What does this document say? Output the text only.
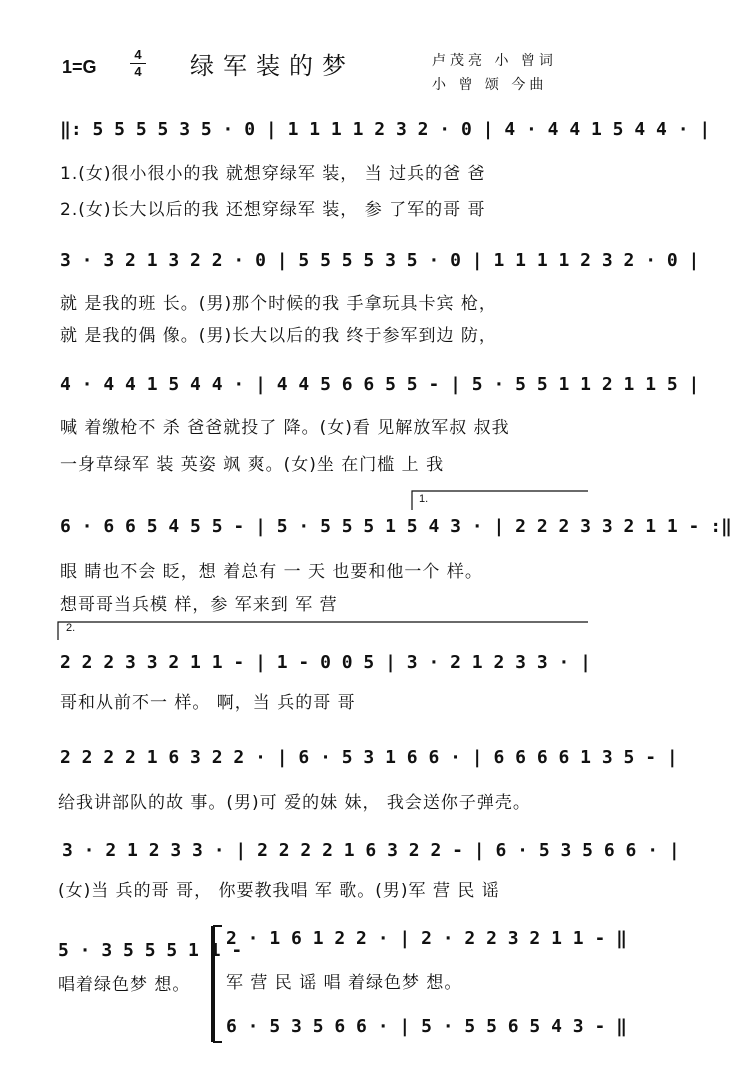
1=G
4
4 绿军装的梦	卢茂亮 小 曾词
小 曾 颂 今曲
‖: 5 5 5 5 3 5 · 0 | 1 1 1 1 2 3 2 · 0 | 4 · 4 4 1 5 4 4 · |
1.(女)很小很小的我 就想穿绿军 装， 当 过兵的爸 爸
2.(女)长大以后的我 还想穿绿军 装， 参 了军的哥 哥
3 · 3 2 1 3 2 2 · 0 | 5 5 5 5 3 5 · 0 | 1 1 1 1 2 3 2 · 0 |
就 是我的班 长。(男)那个时候的我 手拿玩具卡宾 枪，
就 是我的偶 像。(男)长大以后的我 终于参军到边 防，
4 · 4 4 1 5 4 4 · | 4 4 5 6 6 5 5 - | 5 · 5 5 1 1 2 1 1 5 |
喊 着缴枪不 杀 爸爸就投了 降。(女)看 见解放军叔 叔我
一身草绿军 装 英姿 飒 爽。(女)坐 在门槛 上 我
1.
6 · 6 6 5 4 5 5 - | 5 · 5 5 5 1 5 4 3 · | 2 2 2 3 3 2 1 1 - :‖
眼 睛也不会 眨，想 着总有 一 天 也要和他一个 样。
想哥哥当兵模 样，参 军来到 军 营
2.
2 2 2 3 3 2 1 1 - | 1 - 0 0 5 | 3 · 2 1 2 3 3 · |
哥和从前不一 样。 啊，当 兵的哥 哥
2 2 2 2 1 6 3 2 2 · | 6 · 5 3 1 6 6 · | 6 6 6 6 1 3 5 - |
给我讲部队的故 事。(男)可 爱的妹 妹， 我会送你子弹壳。
3 · 2 1 2 3 3 · | 2 2 2 2 1 6 3 2 2 - | 6 · 5 3 5 6 6 · |
(女)当 兵的哥 哥， 你要教我唱 军 歌。(男)军 营 民 谣
5 · 3 5 5 5 1 1 -
唱着绿色梦 想。
2 · 1 6 1 2 2 · | 2 · 2 2 3 2 1 1 - ‖
军 营 民 谣 唱 着绿色梦 想。
6 · 5 3 5 6 6 · | 5 · 5 5 6 5 4 3 - ‖
